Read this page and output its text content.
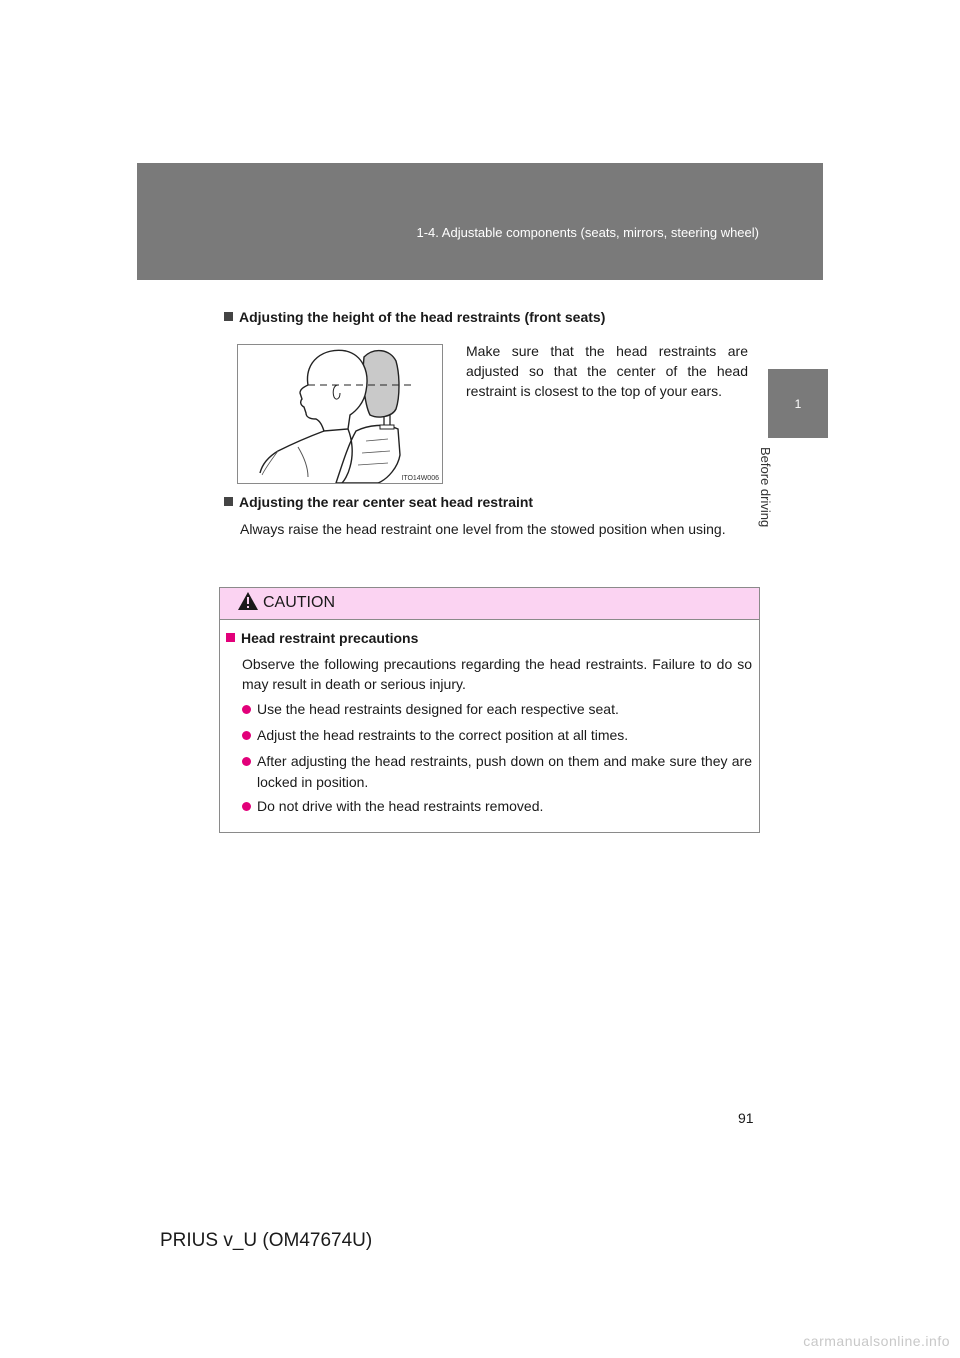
1-4. Adjustable components (seats, mirrors, steering wheel)
1
Before driving
Adjusting the height of the head restraints (front seats)
ITO14W006
Make sure that the head restraints are adjusted so that the center of the head restraint is closest to the top of your ears.
Adjusting the rear center seat head restraint
Always raise the head restraint one level from the stowed position when using.
CAUTION
Head restraint precautions
Observe the following precautions regarding the head restraints. Failure to do so may result in death or serious injury.
Use the head restraints designed for each respective seat.
Adjust the head restraints to the correct position at all times.
After adjusting the head restraints, push down on them and make sure they are locked in position.
Do not drive with the head restraints removed.
91
PRIUS v_U (OM47674U)
carmanualsonline.info
